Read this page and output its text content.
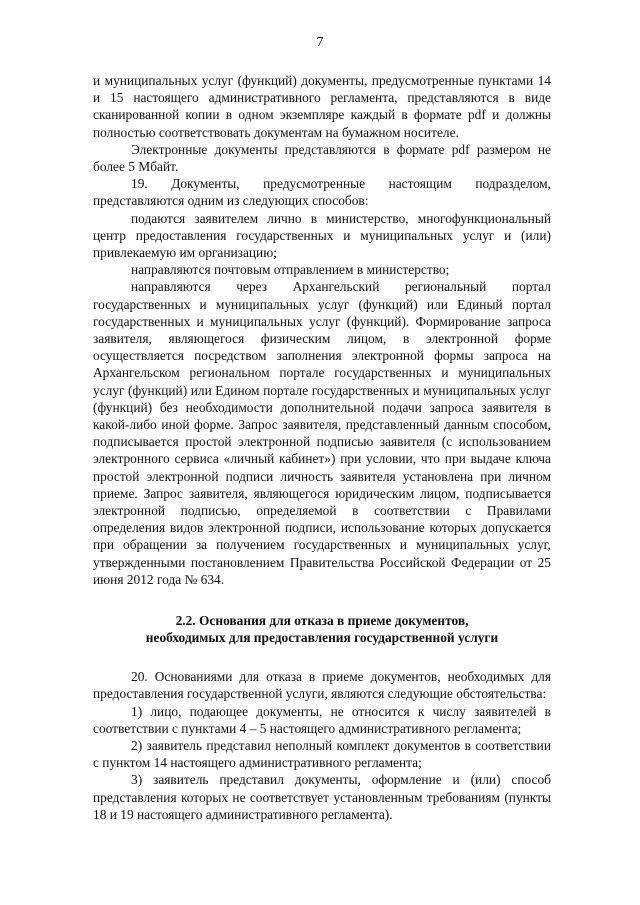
7

и муниципальных услуг (функций) документы, предусмотренные пунктами 14 и 15 настоящего административного регламента, представляются в виде сканированной копии в одном экземпляре каждый в формате pdf и должны полностью соответствовать документам на бумажном носителе.

Электронные документы представляются в формате pdf размером не более 5 Мбайт.

19. Документы, предусмотренные настоящим подразделом, представляются одним из следующих способов:

подаются заявителем лично в министерство, многофункциональный центр предоставления государственных и муниципальных услуг и (или) привлекаемую им организацию;

направляются почтовым отправлением в министерство;

направляются через Архангельский региональный портал государственных и муниципальных услуг (функций) или Единый портал государственных и муниципальных услуг (функций). Формирование запроса заявителя, являющегося физическим лицом, в электронной форме осуществляется посредством заполнения электронной формы запроса на Архангельском региональном портале государственных и муниципальных услуг (функций) или Едином портале государственных и муниципальных услуг (функций) без необходимости дополнительной подачи запроса заявителя в какой-либо иной форме. Запрос заявителя, представленный данным способом, подписывается простой электронной подписью заявителя (с использованием электронного сервиса «личный кабинет») при условии, что при выдаче ключа простой электронной подписи личность заявителя установлена при личном приеме. Запрос заявителя, являющегося юридическим лицом, подписывается электронной подписью, определяемой в соответствии с Правилами определения видов электронной подписи, использование которых допускается при обращении за получением государственных и муниципальных услуг, утвержденными постановлением Правительства Российской Федерации от 25 июня 2012 года № 634.

2.2. Основания для отказа в приеме документов,
необходимых для предоставления государственной услуги

20. Основаниями для отказа в приеме документов, необходимых для предоставления государственной услуги, являются следующие обстоятельства:

1) лицо, подающее документы, не относится к числу заявителей в соответствии с пунктами 4 – 5 настоящего административного регламента;

2) заявитель представил неполный комплект документов в соответствии с пунктом 14 настоящего административного регламента;

3) заявитель представил документы, оформление и (или) способ представления которых не соответствует установленным требованиям (пункты 18 и 19 настоящего административного регламента).
